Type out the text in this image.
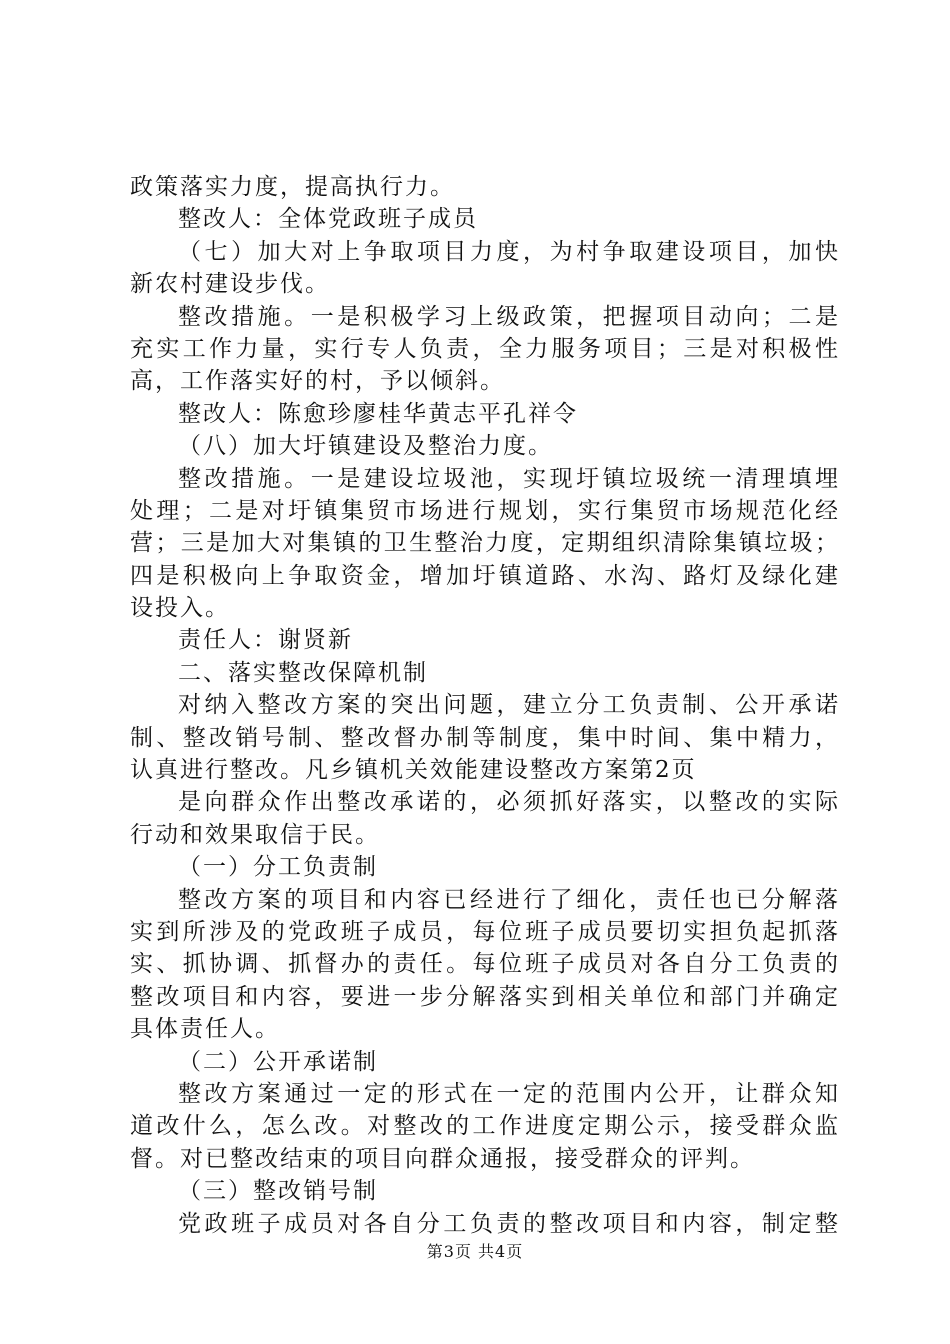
政策落实力度，提高执行力。
整改人：全体党政班子成员
（七）加大对上争取项目力度，为村争取建设项目，加快
新农村建设步伐。
整改措施。一是积极学习上级政策，把握项目动向；二是
充实工作力量，实行专人负责，全力服务项目；三是对积极性
高，工作落实好的村，予以倾斜。
整改人：陈愈珍廖桂华黄志平孔祥令
（八）加大圩镇建设及整治力度。
整改措施。一是建设垃圾池，实现圩镇垃圾统一清理填埋
处理；二是对圩镇集贸市场进行规划，实行集贸市场规范化经
营；三是加大对集镇的卫生整治力度，定期组织清除集镇垃圾；
四是积极向上争取资金，增加圩镇道路、水沟、路灯及绿化建
设投入。
责任人：谢贤新
二、落实整改保障机制
对纳入整改方案的突出问题，建立分工负责制、公开承诺
制、整改销号制、整改督办制等制度，集中时间、集中精力，
认真进行整改。凡乡镇机关效能建设整改方案第2页
是向群众作出整改承诺的，必须抓好落实，以整改的实际
行动和效果取信于民。
（一）分工负责制
整改方案的项目和内容已经进行了细化，责任也已分解落
实到所涉及的党政班子成员，每位班子成员要切实担负起抓落
实、抓协调、抓督办的责任。每位班子成员对各自分工负责的
整改项目和内容，要进一步分解落实到相关单位和部门并确定
具体责任人。
（二）公开承诺制
整改方案通过一定的形式在一定的范围内公开，让群众知
道改什么，怎么改。对整改的工作进度定期公示，接受群众监
督。对已整改结束的项目向群众通报，接受群众的评判。
（三）整改销号制
党政班子成员对各自分工负责的整改项目和内容，制定整
第3页 共4页
